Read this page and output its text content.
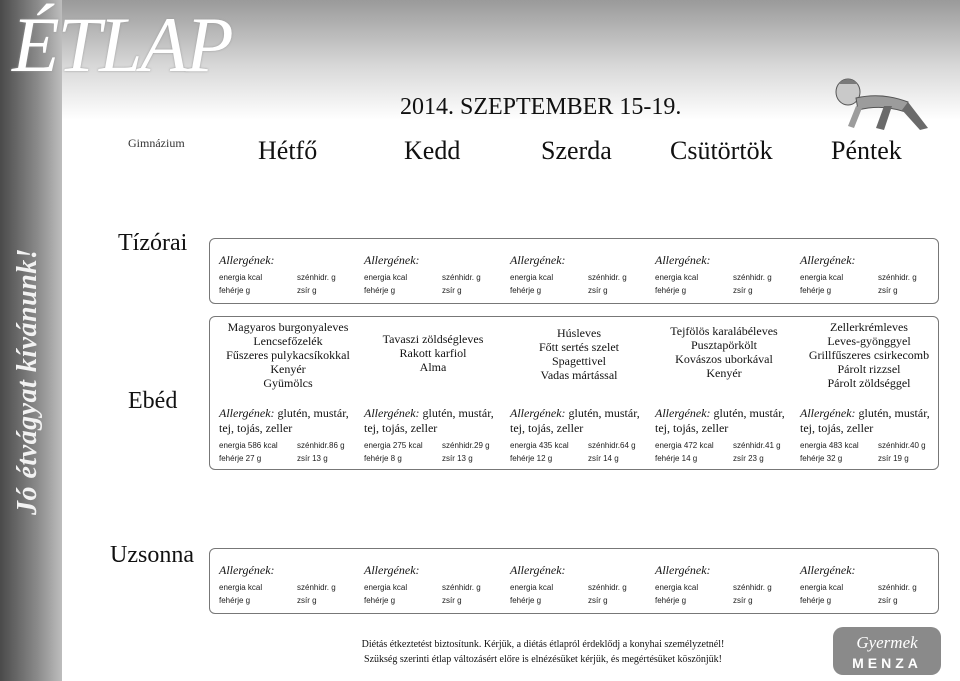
ÉTLAP
Jó étvágyat kívánunk!
2014. SZEPTEMBER 15-19.
Gimnázium	Hétfő	Kedd	Szerda Csütörtök Péntek
Tízórai
Ebéd
Uzsonna
Allergének:
energia kcal	szénhidr. g
fehérje g	zsír g
Allergének:
energia kcal	szénhidr. g
fehérje g	zsír g
Allergének:
energia kcal	szénhidr. g
fehérje g	zsír g
Allergének:
energia kcal	szénhidr. g
fehérje g	zsír g
Allergének:
energia kcal	szénhidr. g
fehérje g	zsír g
Magyaros burgonyaleves
Lencsefőzelék
Fűszeres pulykacsíkokkal
Kenyér
Gyümölcs
Allergének: glutén, mustár, tej, tojás, zeller
energia 586 kcal	szénhidr.86 g
fehérje 27 g	zsír 13 g
Tavaszi zöldségleves
Rakott karfiol
Alma
Allergének: glutén, mustár, tej, tojás, zeller
energia 275 kcal	szénhidr.29 g
fehérje 8 g	zsír 13 g
Húsleves
Főtt sertés szelet
Spagettivel
Vadas mártással
Allergének: glutén, mustár, tej, tojás, zeller
energia 435 kcal	szénhidr.64 g
fehérje 12 g	zsír 14 g
Tejfölös karalábéleves
Pusztapörkölt
Kovászos uborkával
Kenyér
Allergének: glutén, mustár, tej, tojás, zeller
energia 472 kcal	szénhidr.41 g
fehérje 14 g	zsír 23 g
Zellerkrémleves
Leves-gyönggyel
Grillfűszeres csirkecomb
Párolt rizzsel
Párolt zöldséggel
Allergének: glutén, mustár, tej, tojás, zeller
energia 483 kcal	szénhidr.40 g
fehérje 32 g	zsír 19 g
Allergének:
energia kcal	szénhidr. g
fehérje g	zsír g
Allergének:
energia kcal	szénhidr. g
fehérje g	zsír g
Allergének:
energia kcal	szénhidr. g
fehérje g	zsír g
Allergének:
energia kcal	szénhidr. g
fehérje g	zsír g
Allergének:
energia kcal	szénhidr. g
fehérje g	zsír g
Diétás étkeztetést biztosítunk. Kérjük, a diétás étlapról érdeklődj a konyhai személyzetnél!
Szükség szerinti étlap változásért előre is elnézésüket kérjük, és megértésüket köszönjük!
Gyermek
MENZA
